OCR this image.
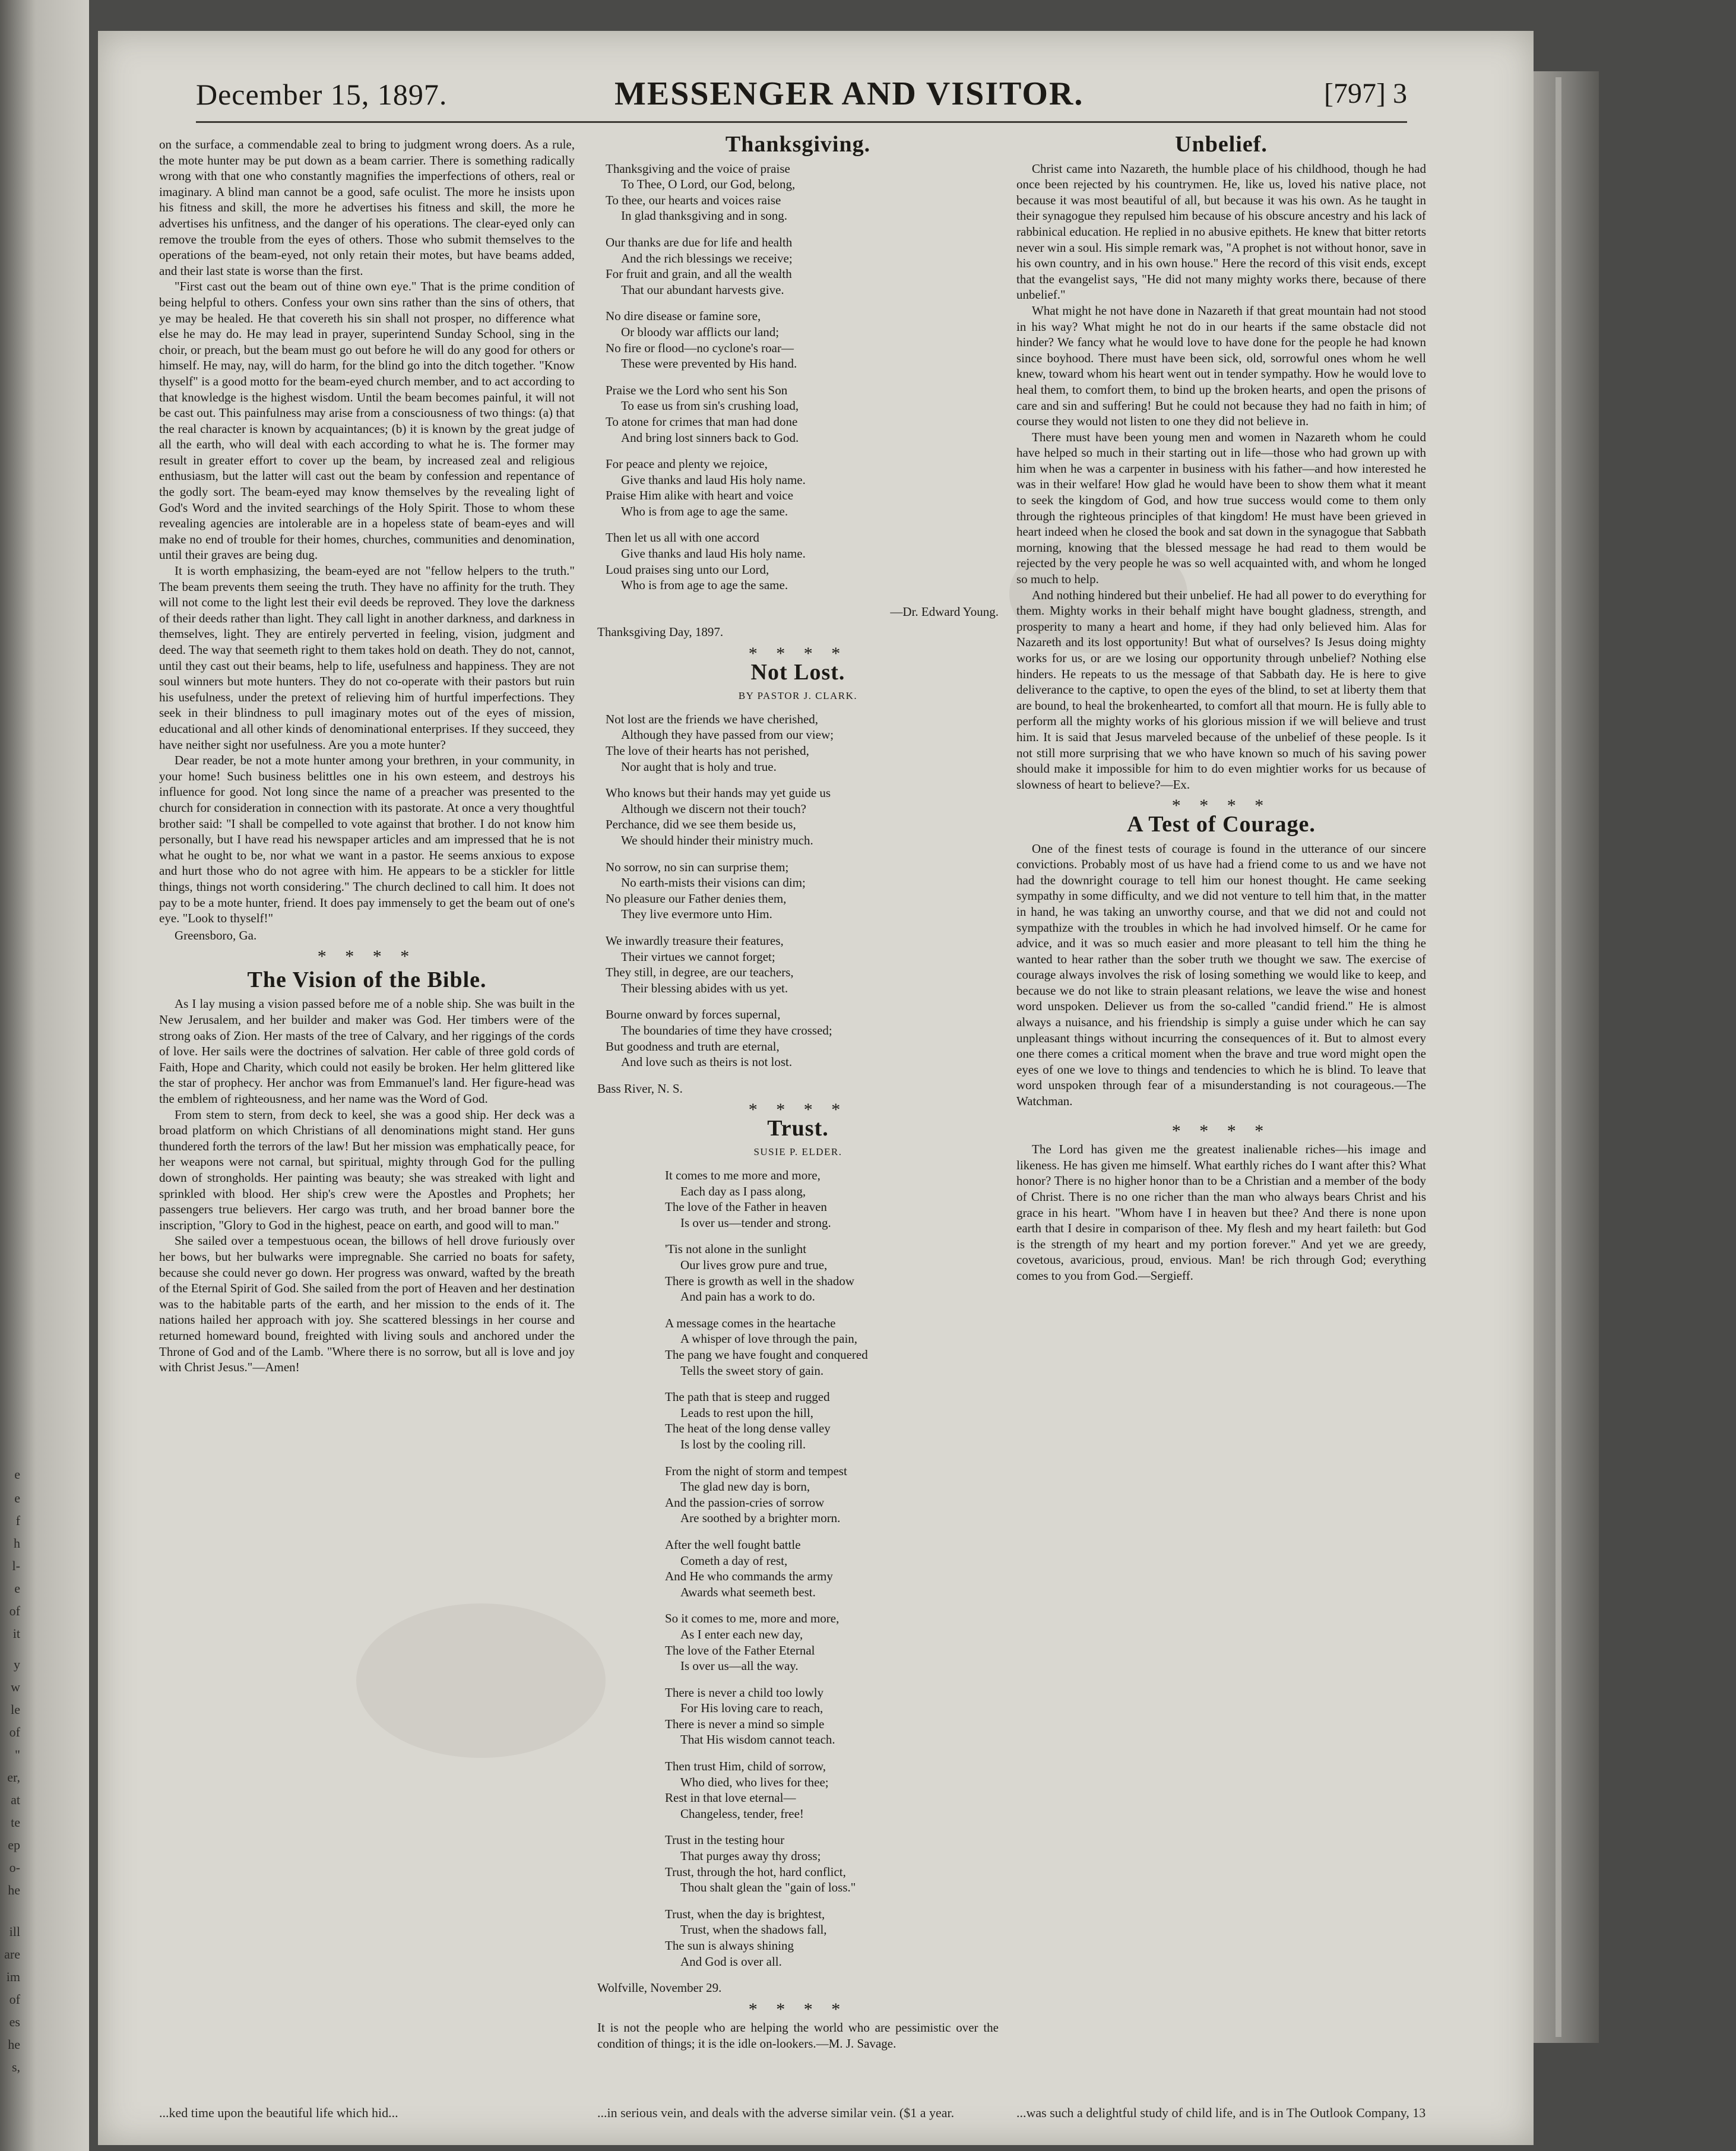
e
e
f
h
l-
e
of
it
y
w
le
of
"
er,
at
te
ep
o-
he
ill
are
im
of
es
he
s,
December 15, 1897.	MESSENGER AND VISITOR.	[797] 3

on the surface, a commendable zeal to bring to judgment wrong doers. As a rule, the mote hunter may be put down as a beam carrier. There is something radically wrong with that one who constantly magnifies the imperfections of others, real or imaginary. A blind man cannot be a good, safe oculist. The more he insists upon his fitness and skill, the more he advertises his fitness and skill, the more he advertises his unfitness, and the danger of his operations. The clear-eyed only can remove the trouble from the eyes of others. Those who submit themselves to the operations of the beam-eyed, not only retain their motes, but have beams added, and their last state is worse than the first.

"First cast out the beam out of thine own eye." That is the prime condition of being helpful to others. Confess your own sins rather than the sins of others, that ye may be healed. He that covereth his sin shall not prosper, no difference what else he may do. He may lead in prayer, superintend Sunday School, sing in the choir, or preach, but the beam must go out before he will do any good for others or himself. He may, nay, will do harm, for the blind go into the ditch together. "Know thyself" is a good motto for the beam-eyed church member, and to act according to that knowledge is the highest wisdom. Until the beam becomes painful, it will not be cast out. This painfulness may arise from a consciousness of two things: (a) that the real character is known by acquaintances; (b) it is known by the great judge of all the earth, who will deal with each according to what he is. The former may result in greater effort to cover up the beam, by increased zeal and religious enthusiasm, but the latter will cast out the beam by confession and repentance of the godly sort. The beam-eyed may know themselves by the revealing light of God's Word and the invited searchings of the Holy Spirit. Those to whom these revealing agencies are intolerable are in a hopeless state of beam-eyes and will make no end of trouble for their homes, churches, communities and denomination, until their graves are being dug.

It is worth emphasizing, the beam-eyed are not "fellow helpers to the truth." The beam prevents them seeing the truth. They have no affinity for the truth. They will not come to the light lest their evil deeds be reproved. They love the darkness of their deeds rather than light. They call light in another darkness, and darkness in themselves, light. They are entirely perverted in feeling, vision, judgment and deed. The way that seemeth right to them takes hold on death. They do not, cannot, until they cast out their beams, help to life, usefulness and happiness. They are not soul winners but mote hunters. They do not co-operate with their pastors but ruin his usefulness, under the pretext of relieving him of hurtful imperfections. They seek in their blindness to pull imaginary motes out of the eyes of mission, educational and all other kinds of denominational enterprises. If they succeed, they have neither sight nor usefulness. Are you a mote hunter?

Dear reader, be not a mote hunter among your brethren, in your community, in your home! Such business belittles one in his own esteem, and destroys his influence for good. Not long since the name of a preacher was presented to the church for consideration in connection with its pastorate. At once a very thoughtful brother said: "I shall be compelled to vote against that brother. I do not know him personally, but I have read his newspaper articles and am impressed that he is not what he ought to be, nor what we want in a pastor. He seems anxious to expose and hurt those who do not agree with him. He appears to be a stickler for little things, things not worth considering." The church declined to call him. It does not pay to be a mote hunter, friend. It does pay immensely to get the beam out of one's eye. "Look to thyself!"

Greensboro, Ga.
* * * *
The Vision of the Bible.

As I lay musing a vision passed before me of a noble ship. She was built in the New Jerusalem, and her builder and maker was God. Her timbers were of the strong oaks of Zion. Her masts of the tree of Calvary, and her riggings of the cords of love. Her sails were the doctrines of salvation. Her cable of three gold cords of Faith, Hope and Charity, which could not easily be broken. Her helm glittered like the star of prophecy. Her anchor was from Emmanuel's land. Her figure-head was the emblem of righteousness, and her name was the Word of God.

From stem to stern, from deck to keel, she was a good ship. Her deck was a broad platform on which Christians of all denominations might stand. Her guns thundered forth the terrors of the law! But her mission was emphatically peace, for her weapons were not carnal, but spiritual, mighty through God for the pulling down of strongholds. Her painting was beauty; she was streaked with light and sprinkled with blood. Her ship's crew were the Apostles and Prophets; her passengers true believers. Her cargo was truth, and her broad banner bore the inscription, "Glory to God in the highest, peace on earth, and good will to man."

She sailed over a tempestuous ocean, the billows of hell drove furiously over her bows, but her bulwarks were impregnable. She carried no boats for safety, because she could never go down. Her progress was onward, wafted by the breath of the Eternal Spirit of God. She sailed from the port of Heaven and her destination was to the habitable parts of the earth, and her mission to the ends of it. The nations hailed her approach with joy. She scattered blessings in her course and returned homeward bound, freighted with living souls and anchored under the Throne of God and of the Lamb. "Where there is no sorrow, but all is love and joy with Christ Jesus."—Amen!

Thanksgiving.
Thanksgiving and the voice of praise
To Thee, O Lord, our God, belong,
To thee, our hearts and voices raise
In glad thanksgiving and in song.
Our thanks are due for life and health
And the rich blessings we receive;
For fruit and grain, and all the wealth
That our abundant harvests give.
No dire disease or famine sore,
Or bloody war afflicts our land;
No fire or flood—no cyclone's roar—
These were prevented by His hand.
Praise we the Lord who sent his Son
To ease us from sin's crushing load,
To atone for crimes that man had done
And bring lost sinners back to God.
For peace and plenty we rejoice,
Give thanks and laud His holy name.
Praise Him alike with heart and voice
Who is from age to age the same.
Then let us all with one accord
Give thanks and laud His holy name.
Loud praises sing unto our Lord,
Who is from age to age the same.
—Dr. Edward Young.
Thanksgiving Day, 1897.
* * * *
Not Lost.
BY PASTOR J. CLARK.
Not lost are the friends we have cherished,
Although they have passed from our view;
The love of their hearts has not perished,
Nor aught that is holy and true.
Who knows but their hands may yet guide us
Although we discern not their touch?
Perchance, did we see them beside us,
We should hinder their ministry much.
No sorrow, no sin can surprise them;
No earth-mists their visions can dim;
No pleasure our Father denies them,
They live evermore unto Him.
We inwardly treasure their features,
Their virtues we cannot forget;
They still, in degree, are our teachers,
Their blessing abides with us yet.
Bourne onward by forces supernal,
The boundaries of time they have crossed;
But goodness and truth are eternal,
And love such as theirs is not lost.
Bass River, N. S.
* * * *
Trust.
SUSIE P. ELDER.
It comes to me more and more,
Each day as I pass along,
The love of the Father in heaven
Is over us—tender and strong.
'Tis not alone in the sunlight
Our lives grow pure and true,
There is growth as well in the shadow
And pain has a work to do.
A message comes in the heartache
A whisper of love through the pain,
The pang we have fought and conquered
Tells the sweet story of gain.
The path that is steep and rugged
Leads to rest upon the hill,
The heat of the long dense valley
Is lost by the cooling rill.
From the night of storm and tempest
The glad new day is born,
And the passion-cries of sorrow
Are soothed by a brighter morn.
After the well fought battle
Cometh a day of rest,
And He who commands the army
Awards what seemeth best.
So it comes to me, more and more,
As I enter each new day,
The love of the Father Eternal
Is over us—all the way.
There is never a child too lowly
For His loving care to reach,
There is never a mind so simple
That His wisdom cannot teach.
Then trust Him, child of sorrow,
Who died, who lives for thee;
Rest in that love eternal—
Changeless, tender, free!
Trust in the testing hour
That purges away thy dross;
Trust, through the hot, hard conflict,
Thou shalt glean the "gain of loss."
Trust, when the day is brightest,
Trust, when the shadows fall,
The sun is always shining
And God is over all.
Wolfville, November 29.
* * * *

It is not the people who are helping the world who are pessimistic over the condition of things; it is the idle on-lookers.—M. J. Savage.

Unbelief.

Christ came into Nazareth, the humble place of his childhood, though he had once been rejected by his countrymen. He, like us, loved his native place, not because it was most beautiful of all, but because it was his own. As he taught in their synagogue they repulsed him because of his obscure ancestry and his lack of rabbinical education. He replied in no abusive epithets. He knew that bitter retorts never win a soul. His simple remark was, "A prophet is not without honor, save in his own country, and in his own house." Here the record of this visit ends, except that the evangelist says, "He did not many mighty works there, because of there unbelief."

What might he not have done in Nazareth if that great mountain had not stood in his way? What might he not do in our hearts if the same obstacle did not hinder? We fancy what he would love to have done for the people he had known since boyhood. There must have been sick, old, sorrowful ones whom he well knew, toward whom his heart went out in tender sympathy. How he would love to heal them, to comfort them, to bind up the broken hearts, and open the prisons of care and sin and suffering! But he could not because they had no faith in him; of course they would not listen to one they did not believe in.

There must have been young men and women in Nazareth whom he could have helped so much in their starting out in life—those who had grown up with him when he was a carpenter in business with his father—and how interested he was in their welfare! How glad he would have been to show them what it meant to seek the kingdom of God, and how true success would come to them only through the righteous principles of that kingdom! He must have been grieved in heart indeed when he closed the book and sat down in the synagogue that Sabbath morning, knowing that the blessed message he had read to them would be rejected by the very people he was so well acquainted with, and whom he longed so much to help.

And nothing hindered but their unbelief. He had all power to do everything for them. Mighty works in their behalf might have bought gladness, strength, and prosperity to many a heart and home, if they had only believed him. Alas for Nazareth and its lost opportunity! But what of ourselves? Is Jesus doing mighty works for us, or are we losing our opportunity through unbelief? Nothing else hinders. He repeats to us the message of that Sabbath day. He is here to give deliverance to the captive, to open the eyes of the blind, to set at liberty them that are bound, to heal the brokenhearted, to comfort all that mourn. He is fully able to perform all the mighty works of his glorious mission if we will believe and trust him. It is said that Jesus marveled because of the unbelief of these people. Is it not still more surprising that we who have known so much of his saving power should make it impossible for him to do even mightier works for us because of slowness of heart to believe?—Ex.

* * * *
A Test of Courage.

One of the finest tests of courage is found in the utterance of our sincere convictions. Probably most of us have had a friend come to us and we have not had the downright courage to tell him our honest thought. He came seeking sympathy in some difficulty, and we did not venture to tell him that, in the matter in hand, he was taking an unworthy course, and that we did not and could not sympathize with the troubles in which he had involved himself. Or he came for advice, and it was so much easier and more pleasant to tell him the thing he wanted to hear rather than the sober truth we thought we saw. The exercise of courage always involves the risk of losing something we would like to keep, and because we do not like to strain pleasant relations, we leave the wise and honest word unspoken. Deliever us from the so-called "candid friend." He is almost always a nuisance, and his friendship is simply a guise under which he can say unpleasant things without incurring the consequences of it. But to almost every one there comes a critical moment when the brave and true word might open the eyes of one we love to things and tendencies to which he is blind. To leave that word unspoken through fear of a misunderstanding is not courageous.—The Watchman.

* * * *

The Lord has given me the greatest inalienable riches—his image and likeness. He has given me himself. What earthly riches do I want after this? What honor? There is no higher honor than to be a Christian and a member of the body of Christ. There is no one richer than the man who always bears Christ and his grace in his heart. "Whom have I in heaven but thee? And there is none upon earth that I desire in comparison of thee. My flesh and my heart faileth: but God is the strength of my heart and my portion forever." And yet we are greedy, covetous, avaricious, proud, envious. Man! be rich through God; everything comes to you from God.—Sergieff.

...ked time upon the beautiful life which hid...	...in serious vein, and deals with the adverse similar vein. ($1 a year.	...was such a delightful study of child life, and is in The Outlook Company, 13
